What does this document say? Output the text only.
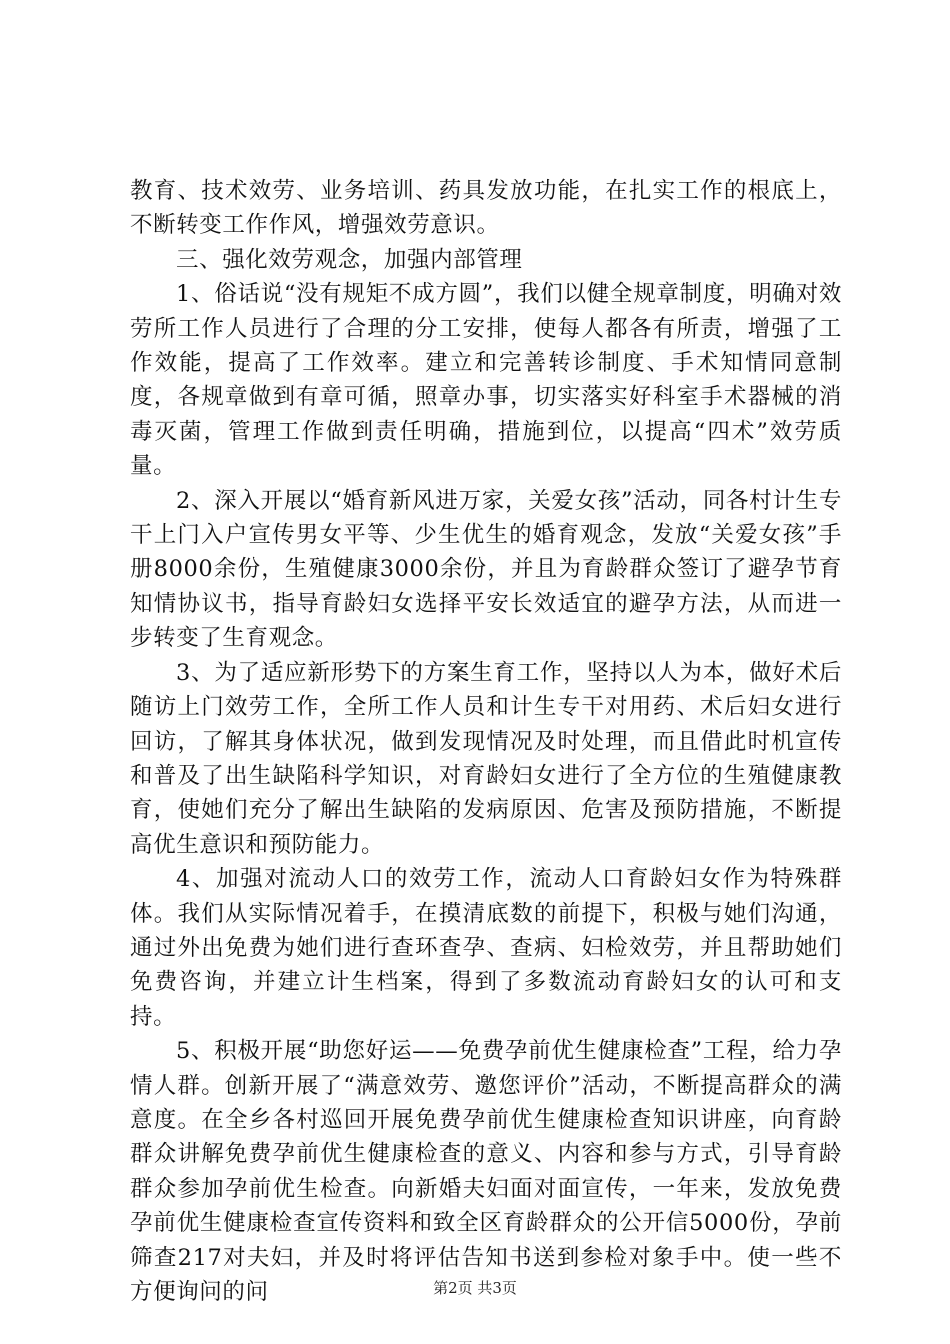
教育、技术效劳、业务培训、药具发放功能，在扎实工作的根底上，不断转变工作作风，增强效劳意识。

三、强化效劳观念，加强内部管理

1、俗话说“没有规矩不成方圆”，我们以健全规章制度，明确对效劳所工作人员进行了合理的分工安排，使每人都各有所责，增强了工作效能，提高了工作效率。建立和完善转诊制度、手术知情同意制度，各规章做到有章可循，照章办事，切实落实好科室手术器械的消毒灭菌，管理工作做到责任明确，措施到位，以提高“四术”效劳质量。

2、深入开展以“婚育新风进万家，关爱女孩”活动，同各村计生专干上门入户宣传男女平等、少生优生的婚育观念，发放“关爱女孩”手册8000余份，生殖健康3000余份，并且为育龄群众签订了避孕节育知情协议书，指导育龄妇女选择平安长效适宜的避孕方法，从而进一步转变了生育观念。

3、为了适应新形势下的方案生育工作，坚持以人为本，做好术后随访上门效劳工作，全所工作人员和计生专干对用药、术后妇女进行回访，了解其身体状况，做到发现情况及时处理，而且借此时机宣传和普及了出生缺陷科学知识，对育龄妇女进行了全方位的生殖健康教育，使她们充分了解出生缺陷的发病原因、危害及预防措施，不断提高优生意识和预防能力。

4、加强对流动人口的效劳工作，流动人口育龄妇女作为特殊群体。我们从实际情况着手，在摸清底数的前提下，积极与她们沟通，通过外出免费为她们进行查环查孕、查病、妇检效劳，并且帮助她们免费咨询，并建立计生档案，得到了多数流动育龄妇女的认可和支持。

5、积极开展“助您好运——免费孕前优生健康检查”工程，给力孕情人群。创新开展了“满意效劳、邀您评价”活动，不断提高群众的满意度。在全乡各村巡回开展免费孕前优生健康检查知识讲座，向育龄群众讲解免费孕前优生健康检查的意义、内容和参与方式，引导育龄群众参加孕前优生检查。向新婚夫妇面对面宣传，一年来，发放免费孕前优生健康检查宣传资料和致全区育龄群众的公开信5000份，孕前筛查217对夫妇，并及时将评估告知书送到参检对象手中。使一些不方便询问的问	第2页 共3页
